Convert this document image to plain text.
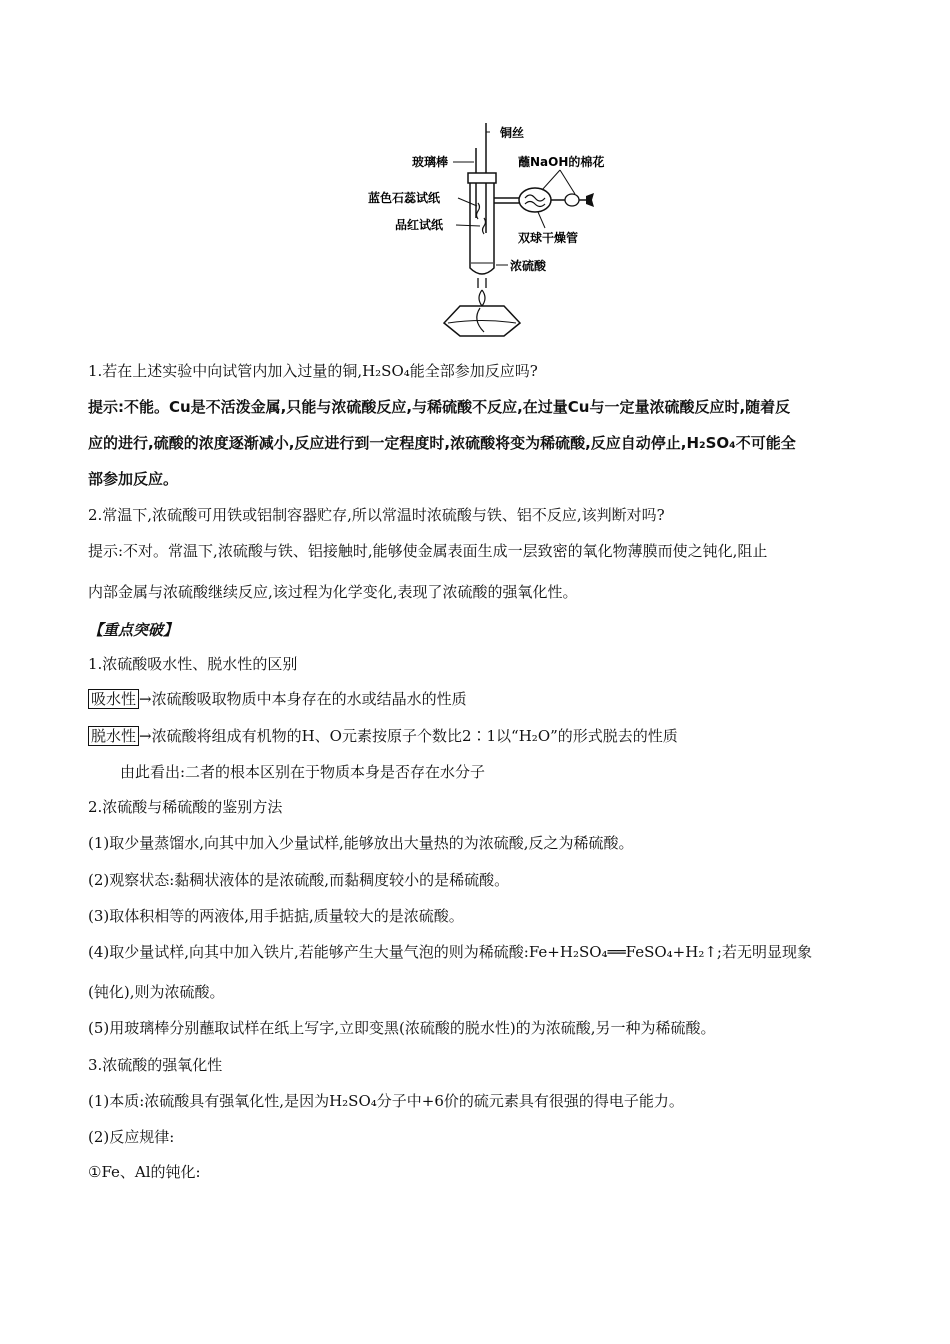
铜丝
玻璃棒
浓硫酸
蓝色石蕊试纸
品红试纸
蘸NaOH的棉花
双球干燥管
1.若在上述实验中向试管内加入过量的铜,H₂SO₄能全部参加反应吗?
提示:不能。Cu是不活泼金属,只能与浓硫酸反应,与稀硫酸不反应,在过量Cu与一定量浓硫酸反应时,随着反
应的进行,硫酸的浓度逐渐减小,反应进行到一定程度时,浓硫酸将变为稀硫酸,反应自动停止,H₂SO₄不可能全
部参加反应。
2.常温下,浓硫酸可用铁或铝制容器贮存,所以常温时浓硫酸与铁、铝不反应,该判断对吗?
提示:不对。常温下,浓硫酸与铁、铝接触时,能够使金属表面生成一层致密的氧化物薄膜而使之钝化,阻止
内部金属与浓硫酸继续反应,该过程为化学变化,表现了浓硫酸的强氧化性。
【重点突破】
1.浓硫酸吸水性、脱水性的区别
吸水性 →浓硫酸吸取物质中本身存在的水或结晶水的性质
脱水性 →浓硫酸将组成有机物的H、O元素按原子个数比2∶1以“H₂O”的形式脱去的性质
由此看出:二者的根本区别在于物质本身是否存在水分子
2.浓硫酸与稀硫酸的鉴别方法
(1)取少量蒸馏水,向其中加入少量试样,能够放出大量热的为浓硫酸,反之为稀硫酸。
(2)观察状态:黏稠状液体的是浓硫酸,而黏稠度较小的是稀硫酸。
(3)取体积相等的两液体,用手掂掂,质量较大的是浓硫酸。
(4)取少量试样,向其中加入铁片,若能够产生大量气泡的则为稀硫酸:Fe+H₂SO₄══FeSO₄+H₂↑;若无明显现象
(钝化),则为浓硫酸。
(5)用玻璃棒分别蘸取试样在纸上写字,立即变黑(浓硫酸的脱水性)的为浓硫酸,另一种为稀硫酸。
3.浓硫酸的强氧化性
(1)本质:浓硫酸具有强氧化性,是因为H₂SO₄分子中+6价的硫元素具有很强的得电子能力。
(2)反应规律:
①Fe、Al的钝化:
